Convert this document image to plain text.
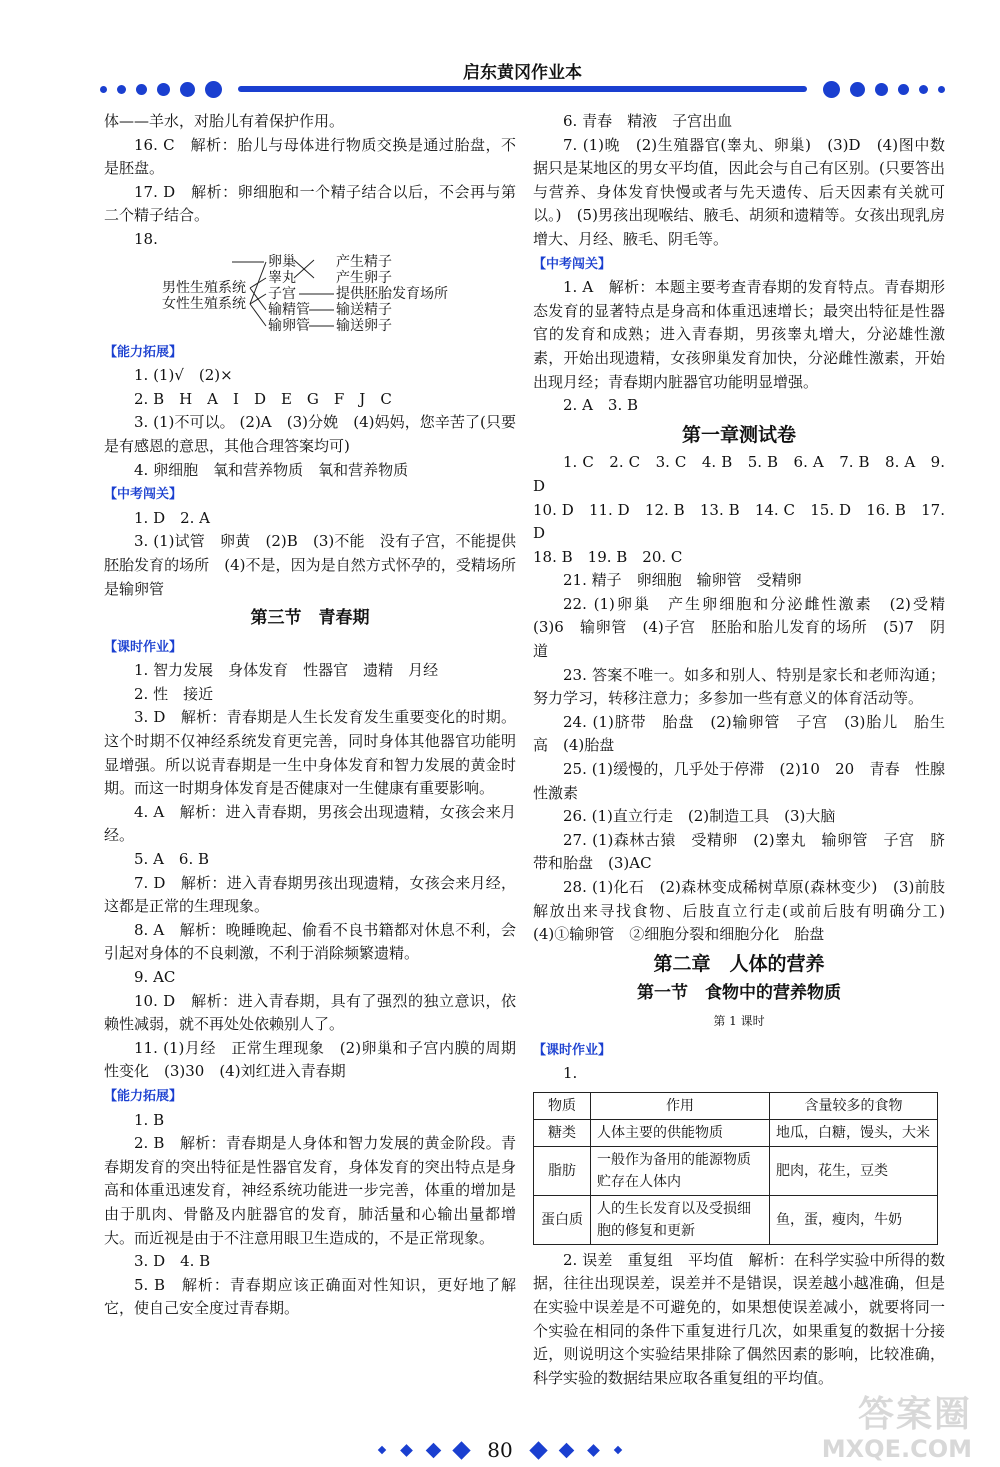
启东黄冈作业本

体——羊水，对胎儿有着保护作用。

16. C　解析：胎儿与母体进行物质交换是通过胎盘，不是胚盘。

17. D　解析：卵细胞和一个精子结合以后，不会再与第二个精子结合。

18.

卵巢
睾丸
子宫
输精管
输卵管
产生精子
产生卵子
提供胚胎发育场所
输送精子
输送卵子
男性生殖系统
女性生殖系统

【能力拓展】

1. (1)√　(2)×

2. B　H　A　I　D　E　G　F　J　C

3. (1)不可以。 (2)A　(3)分娩　(4)妈妈，您辛苦了(只要是有感恩的意思，其他合理答案均可)

4. 卵细胞　氧和营养物质　氧和营养物质

【中考闯关】

1. D　2. A

3. (1)试管　卵黄　(2)B　(3)不能　没有子宫，不能提供胚胎发育的场所　(4)不是，因为是自然方式怀孕的，受精场所是输卵管

第三节　青春期

【课时作业】

1. 智力发展　身体发育　性器官　遗精　月经

2. 性　接近

3. D　解析：青春期是人生长发育发生重要变化的时期。这个时期不仅神经系统发育更完善，同时身体其他器官功能明显增强。所以说青春期是一生中身体发育和智力发展的黄金时期。而这一时期身体发育是否健康对一生健康有重要影响。

4. A　解析：进入青春期，男孩会出现遗精，女孩会来月经。

5. A　6. B

7. D　解析：进入青春期男孩出现遗精，女孩会来月经，这都是正常的生理现象。

8. A　解析：晚睡晚起、偷看不良书籍都对休息不利，会引起对身体的不良刺激，不利于消除频繁遗精。

9. AC

10. D　解析：进入青春期，具有了强烈的独立意识，依赖性减弱，就不再处处依赖别人了。

11. (1)月经　正常生理现象　(2)卵巢和子宫内膜的周期性变化　(3)30　(4)刘红进入青春期

【能力拓展】

1. B

2. B　解析：青春期是人身体和智力发展的黄金阶段。青春期发育的突出特征是性器官发育，身体发育的突出特点是身高和体重迅速发育，神经系统功能进一步完善，体重的增加是由于肌肉、骨骼及内脏器官的发育，肺活量和心输出量都增大。而近视是由于不注意用眼卫生造成的，不是正常现象。

3. D　4. B

5. B　解析：青春期应该正确面对性知识，更好地了解它，使自己安全度过青春期。

6. 青春　精液　子宫出血

7. (1)晚　(2)生殖器官(睾丸、卵巢)　(3)D　(4)图中数据只是某地区的男女平均值，因此会与自己有区别。(只要答出与营养、身体发育快慢或者与先天遗传、后天因素有关就可以。)　(5)男孩出现喉结、腋毛、胡须和遗精等。女孩出现乳房增大、月经、腋毛、阴毛等。

【中考闯关】

1. A　解析：本题主要考查青春期的发育特点。青春期形态发育的显著特点是身高和体重迅速增长；最突出特征是性器官的发育和成熟；进入青春期，男孩睾丸增大，分泌雄性激素，开始出现遗精，女孩卵巢发育加快，分泌雌性激素，开始出现月经；青春期内脏器官功能明显增强。

2. A　3. B

第一章测试卷

1. C　2. C　3. C　4. B　5. B　6. A　7. B　8. A　9. D

10. D　11. D　12. B　13. B　14. C　15. D　16. B　17. D

18. B　19. B　20. C

21. 精子　卵细胞　输卵管　受精卵

22. (1)卵巢　产生卵细胞和分泌雌性激素　(2)受精　(3)6　输卵管　(4)子宫　胚胎和胎儿发育的场所　(5)7　阴道

23. 答案不唯一。如多和别人、特别是家长和老师沟通；努力学习，转移注意力；多参加一些有意义的体育活动等。

24. (1)脐带　胎盘　(2)输卵管　子宫　(3)胎儿　胎生　高　(4)胎盘

25. (1)缓慢的，几乎处于停滞　(2)10　20　青春　性腺　性激素

26. (1)直立行走　(2)制造工具　(3)大脑

27. (1)森林古猿　受精卵　(2)睾丸　输卵管　子宫　脐带和胎盘　(3)AC

28. (1)化石　(2)森林变成稀树草原(森林变少)　(3)前肢解放出来寻找食物、后肢直立行走(或前后肢有明确分工)　(4)①输卵管　②细胞分裂和细胞分化　胎盘

第二章　人体的营养
第一节　食物中的营养物质
第 1 课时

【课时作业】

1.

物质	作用	含量较多的食物
糖类	人体主要的供能物质	地瓜，白糖，馒头，大米
脂肪	一般作为备用的能源物质贮存在人体内	肥肉，花生，豆类
蛋白质	人的生长发育以及受损细胞的修复和更新	鱼，蛋，瘦肉，牛奶

2. 误差　重复组　平均值　解析：在科学实验中所得的数据，往往出现误差，误差并不是错误，误差越小越准确，但是在实验中误差是不可避免的，如果想使误差减小，就要将同一个实验在相同的条件下重复进行几次，如果重复的数据十分接近，则说明这个实验结果排除了偶然因素的影响，比较准确，科学实验的数据结果应取各重复组的平均值。

80
答案圈
MXQE.COM
